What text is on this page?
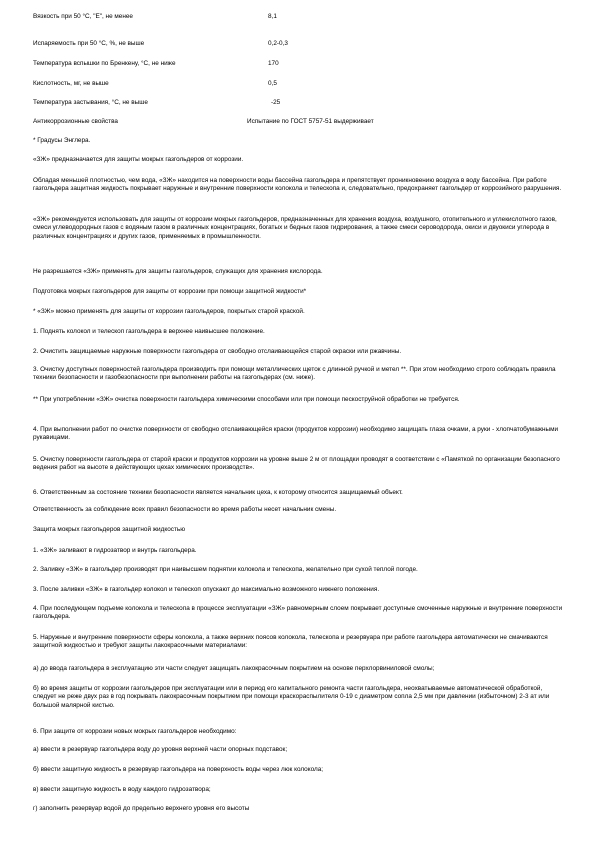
Вязкость при 50 °С, "Е", не менее	8,1
Испаряемость при 50 °С, %, не выше	0,2-0,3
Температура вспышки по Бренкену, °С, не ниже	170
Кислотность, мг, не выше	0,5
Температура застывания, °С, не выше	-25
Антикоррозионные свойства	Испытание по ГОСТ 5757-51 выдерживает

* Градусы Энглера.

«ЗЖ» предназначается для защиты мокрых газгольдеров от коррозии.

Обладая меньшей плотностью, чем вода, «ЗЖ» находится на поверхности воды бассейна газгольдера и препятствует проникновению воздуха в воду бассейна. При работе газгольдера защитная жидкость покрывает наружные и внутренние поверхности колокола и телескопа и, следовательно, предохраняет газгольдер от коррозийного разрушения.

«ЗЖ» рекомендуется использовать для защиты от коррозии мокрых газгольдеров, предназначенных для хранения воздуха, воздушного, отопительного и углекислотного газов, смеси углеводородных газов с водяным газом в различных концентрациях, богатых и бедных газов гидрирования, а также смеси сероводорода, окиси и двуокиси углерода в различных концентрациях и других газов, применяемых в промышленности.

Не разрешается «ЗЖ» применять для защиты газгольдеров, служащих для хранения кислорода.

Подготовка мокрых газгольдеров для защиты от коррозии при помощи защитной жидкости*

* «ЗЖ» можно применять для защиты от коррозии газгольдеров, покрытых старой краской.

1. Поднять колокол и телескоп газгольдера в верхнее наивысшее положение.

2. Очистить защищаемые наружные поверхности газгольдера от свободно отслаивающейся старой окраски или ржавчины.

3. Очистку доступных поверхностей газгольдера производить при помощи металлических щеток с длинной ручкой и метел **. При этом необходимо строго соблюдать правила техники безопасности и газобезопасности при выполнении работы на газгольдерах (см. ниже).

** При употреблении «ЗЖ» очистка поверхности газгольдера химическими способами или при помощи пескоструйной обработки не требуется.

4. При выполнении работ по очистке поверхности от свободно отслаивающейся краски (продуктов коррозии) необходимо защищать глаза очками, а руки - хлопчатобумажными рукавицами.

5. Очистку поверхности газгольдера от старой краски и продуктов коррозии на уровне выше 2 м от площадки проводят в соответствии с «Памяткой по организации безопасного ведения работ на высоте в действующих цехах химических производств».

6. Ответственным за состояние техники безопасности является начальник цеха, к которому относится защищаемый объект.

Ответственность за соблюдение всех правил безопасности во время работы несет начальник смены.

Защита мокрых газгольдеров защитной жидкостью

1. «ЗЖ» заливают в гидрозатвор и внутрь газгольдера.

2. Заливку «ЗЖ» в газгольдер производят при наивысшем поднятии колокола и телескопа, желательно при сухой теплой погоде.

3. После заливки «ЗЖ» в газгольдер колокол и телескоп опускают до максимально возможного нижнего положения.

4. При последующем подъеме колокола и телескопа в процессе эксплуатации «ЗЖ» равномерным слоем покрывает доступные смоченные наружные и внутренние поверхности газгольдера.

5. Наружные и внутренние поверхности сферы колокола, а также верхних поясов колокола, телескопа и резервуара при работе газгольдера автоматически не смачиваются защитной жидкостью и требуют защиты лакокрасочными материалами:

а) до ввода газгольдера в эксплуатацию эти части следует защищать лакокрасочным покрытием на основе перхлорвиниловой смолы;

б) во время защиты от коррозии газгольдеров при эксплуатации или в период его капитального ремонта части газгольдера, неохватываемые автоматической обработкой, следует не реже двух раз в год покрывать лакокрасочным покрытием при помощи краскораспылителя 0-19 с диаметром сопла 2,5 мм при давлении (избыточном) 2-3 ат или большой малярной кистью.

6. При защите от коррозии новых мокрых газгольдеров необходимо:

а) ввести в резервуар газгольдера воду до уровня верхней части опорных подставок;

б) ввести защитную жидкость в резервуар газгольдера на поверхность воды через люк колокола;

в) ввести защитную жидкость в воду каждого гидрозатвора;

г) заполнить резервуар водой до предельно верхнего уровня его высоты
